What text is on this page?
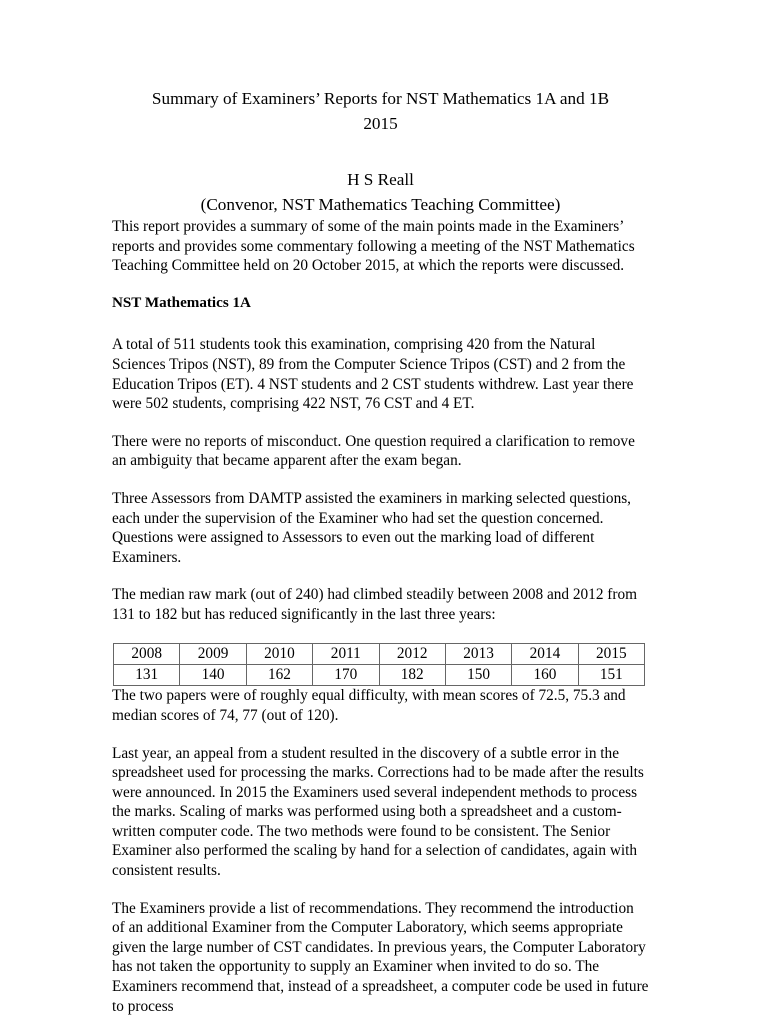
Summary of Examiners’ Reports for NST Mathematics 1A and 1B
2015
H S Reall
(Convenor, NST Mathematics Teaching Committee)

This report provides a summary of some of the main points made in the Examiners’ reports and provides some commentary following a meeting of the NST Mathematics Teaching Committee held on 20 October 2015, at which the reports were discussed.

NST Mathematics 1A

A total of 511 students took this examination, comprising 420 from the Natural Sciences Tripos (NST), 89 from the Computer Science Tripos (CST) and 2 from the Education Tripos (ET). 4 NST students and 2 CST students withdrew. Last year there were 502 students, comprising 422 NST, 76 CST and 4 ET.

There were no reports of misconduct. One question required a clarification to remove an ambiguity that became apparent after the exam began.

Three Assessors from DAMTP assisted the examiners in marking selected questions, each under the supervision of the Examiner who had set the question concerned. Questions were assigned to Assessors to even out the marking load of different Examiners.

The median raw mark (out of 240) had climbed steadily between 2008 and 2012 from 131 to 182 but has reduced significantly in the last three years:

2008	2009	2010	2011	2012	2013	2014	2015
131	140	162	170	182	150	160	151

The two papers were of roughly equal difficulty, with mean scores of 72.5, 75.3 and median scores of 74, 77 (out of 120).

Last year, an appeal from a student resulted in the discovery of a subtle error in the spreadsheet used for processing the marks. Corrections had to be made after the results were announced. In 2015 the Examiners used several independent methods to process the marks. Scaling of marks was performed using both a spreadsheet and a custom-written computer code. The two methods were found to be consistent. The Senior Examiner also performed the scaling by hand for a selection of candidates, again with consistent results.

The Examiners provide a list of recommendations. They recommend the introduction of an additional Examiner from the Computer Laboratory, which seems appropriate given the large number of CST candidates. In previous years, the Computer Laboratory has not taken the opportunity to supply an Examiner when invited to do so. The Examiners recommend that, instead of a spreadsheet, a computer code be used in future to process
